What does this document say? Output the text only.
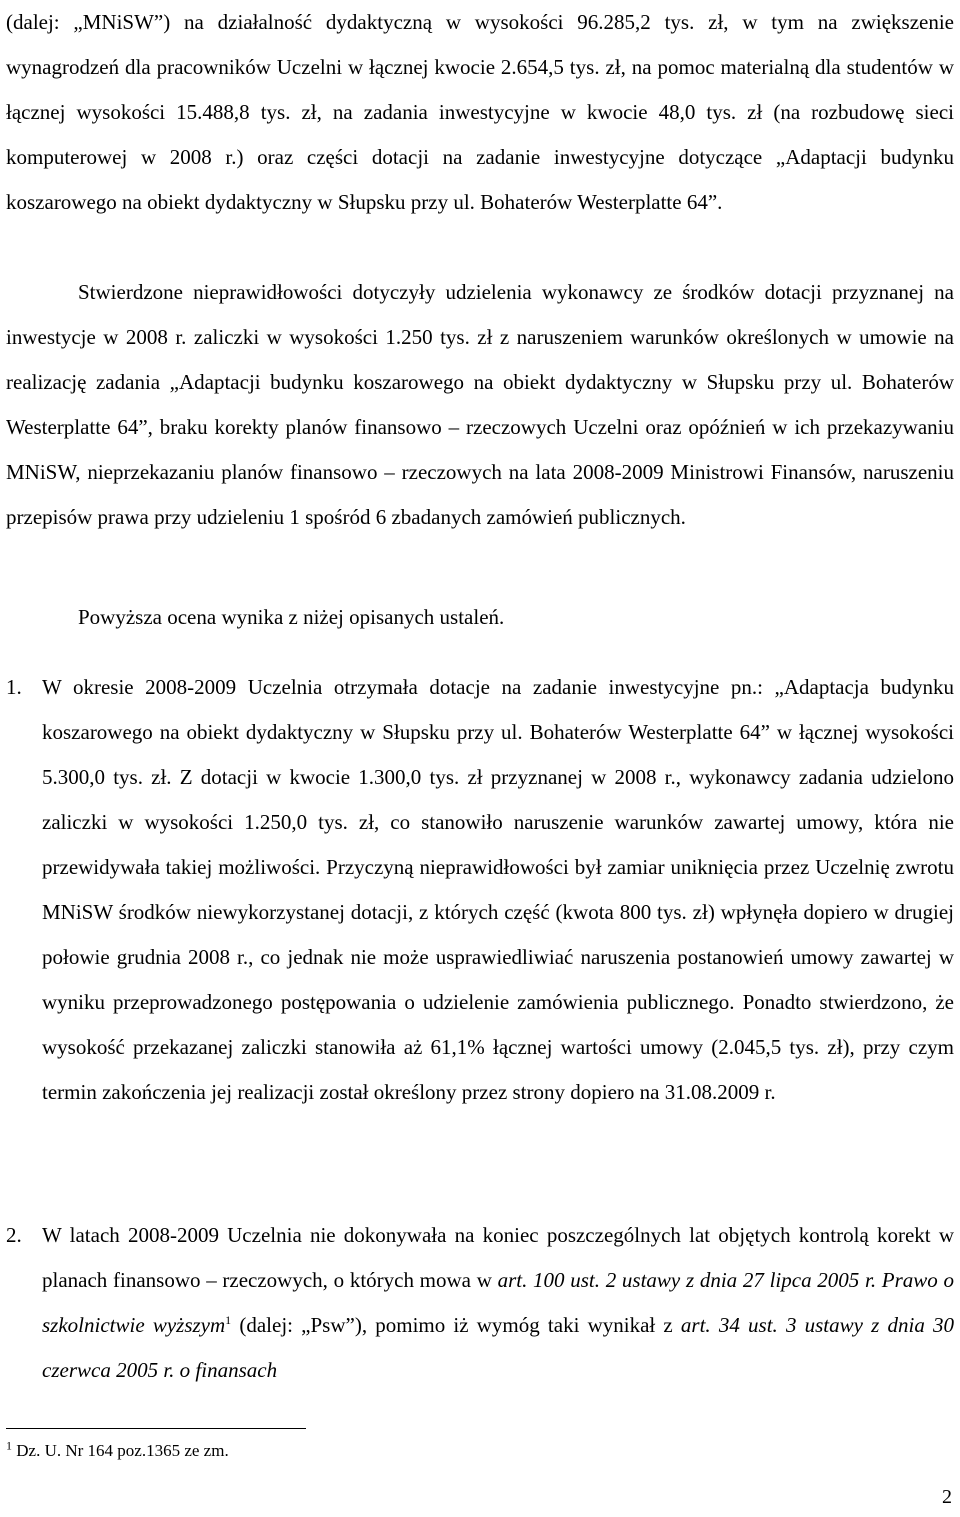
(dalej: „MNiSW”) na działalność dydaktyczną w wysokości 96.285,2 tys. zł, w tym na zwiększenie wynagrodzeń dla pracowników Uczelni w łącznej kwocie 2.654,5 tys. zł, na pomoc materialną dla studentów w łącznej wysokości 15.488,8 tys. zł, na zadania inwestycyjne w kwocie 48,0 tys. zł (na rozbudowę sieci komputerowej w 2008 r.) oraz części dotacji na zadanie inwestycyjne dotyczące „Adaptacji budynku koszarowego na obiekt dydaktyczny w Słupsku przy ul. Bohaterów Westerplatte 64”.

Stwierdzone nieprawidłowości dotyczyły udzielenia wykonawcy ze środków dotacji przyznanej na inwestycje w 2008 r. zaliczki w wysokości 1.250 tys. zł z naruszeniem warunków określonych w umowie na realizację zadania „Adaptacji budynku koszarowego na obiekt dydaktyczny w Słupsku przy ul. Bohaterów Westerplatte 64”, braku korekty planów finansowo – rzeczowych Uczelni oraz opóźnień w ich przekazywaniu MNiSW, nieprzekazaniu planów finansowo – rzeczowych na lata 2008-2009 Ministrowi Finansów, naruszeniu przepisów prawa przy udzieleniu 1 spośród 6 zbadanych zamówień publicznych.

Powyższa ocena wynika z niżej opisanych ustaleń.

1. W okresie 2008-2009 Uczelnia otrzymała dotacje na zadanie inwestycyjne pn.: „Adaptacja budynku koszarowego na obiekt dydaktyczny w Słupsku przy ul. Bohaterów Westerplatte 64” w łącznej wysokości 5.300,0 tys. zł. Z dotacji w kwocie 1.300,0 tys. zł przyznanej w 2008 r., wykonawcy zadania udzielono zaliczki w wysokości 1.250,0 tys. zł, co stanowiło naruszenie warunków zawartej umowy, która nie przewidywała takiej możliwości. Przyczyną nieprawidłowości był zamiar uniknięcia przez Uczelnię zwrotu MNiSW środków niewykorzystanej dotacji, z których część (kwota 800 tys. zł) wpłynęła dopiero w drugiej połowie grudnia 2008 r., co jednak nie może usprawiedliwiać naruszenia postanowień umowy zawartej w wyniku przeprowadzonego postępowania o udzielenie zamówienia publicznego. Ponadto stwierdzono, że wysokość przekazanej zaliczki stanowiła aż 61,1% łącznej wartości umowy (2.045,5 tys. zł), przy czym termin zakończenia jej realizacji został określony przez strony dopiero na 31.08.2009 r.
2. W latach 2008-2009 Uczelnia nie dokonywała na koniec poszczególnych lat objętych kontrolą korekt w planach finansowo – rzeczowych, o których mowa w art. 100 ust. 2 ustawy z dnia 27 lipca 2005 r. Prawo o szkolnictwie wyższym$^1$ (dalej: „Psw”), pomimo iż wymóg taki wynikał z art. 34 ust. 3 ustawy z dnia 30 czerwca 2005 r. o finansach
$^1$ Dz. U. Nr 164 poz.1365 ze zm.
2
